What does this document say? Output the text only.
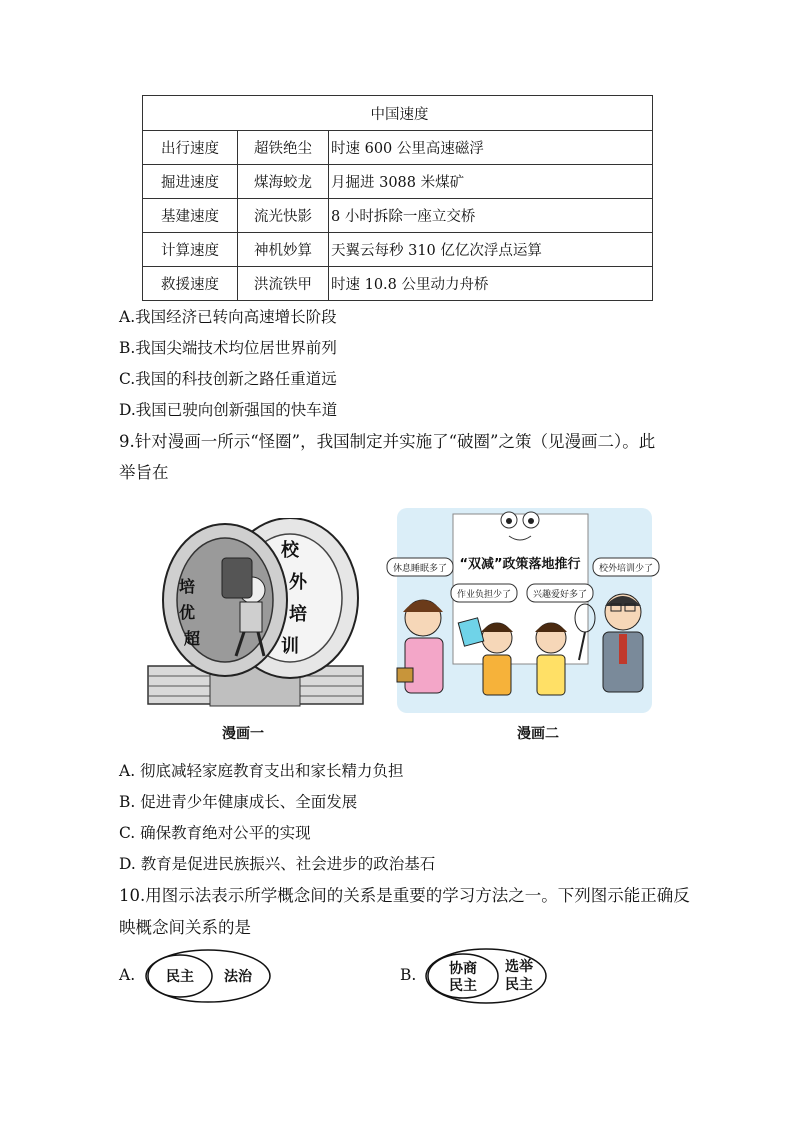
中国速度		
出行速度	超铁绝尘	时速 600 公里高速磁浮
掘进速度	煤海蛟龙	月掘进 3088 米煤矿
基建速度	流光快影	8 小时拆除一座立交桥
计算速度	神机妙算	天翼云每秒 310 亿亿次浮点运算
救援速度	洪流铁甲	时速 10.8 公里动力舟桥
A.我国经济已转向高速增长阶段
B.我国尖端技术均位居世界前列
C.我国的科技创新之路任重道远
D.我国已驶向创新强国的快车道
9.针对漫画一所示“怪圈”，我国制定并实施了“破圈”之策（见漫画二）。此
举旨在
校
外
培
训
培
优
超
漫画一
“双减”政策落地推行
休息睡眠多了
作业负担少了 兴趣爱好多了
校外培训少了
漫画二
A. 彻底减轻家庭教育支出和家长精力负担
B. 促进青少年健康成长、全面发展
C. 确保教育绝对公平的实现
D. 教育是促进民族振兴、社会进步的政治基石
10.用图示法表示所学概念间的关系是重要的学习方法之一。下列图示能正确反
映概念间关系的是
A. 民主 法治	B. 协商
民主
选举
民主
